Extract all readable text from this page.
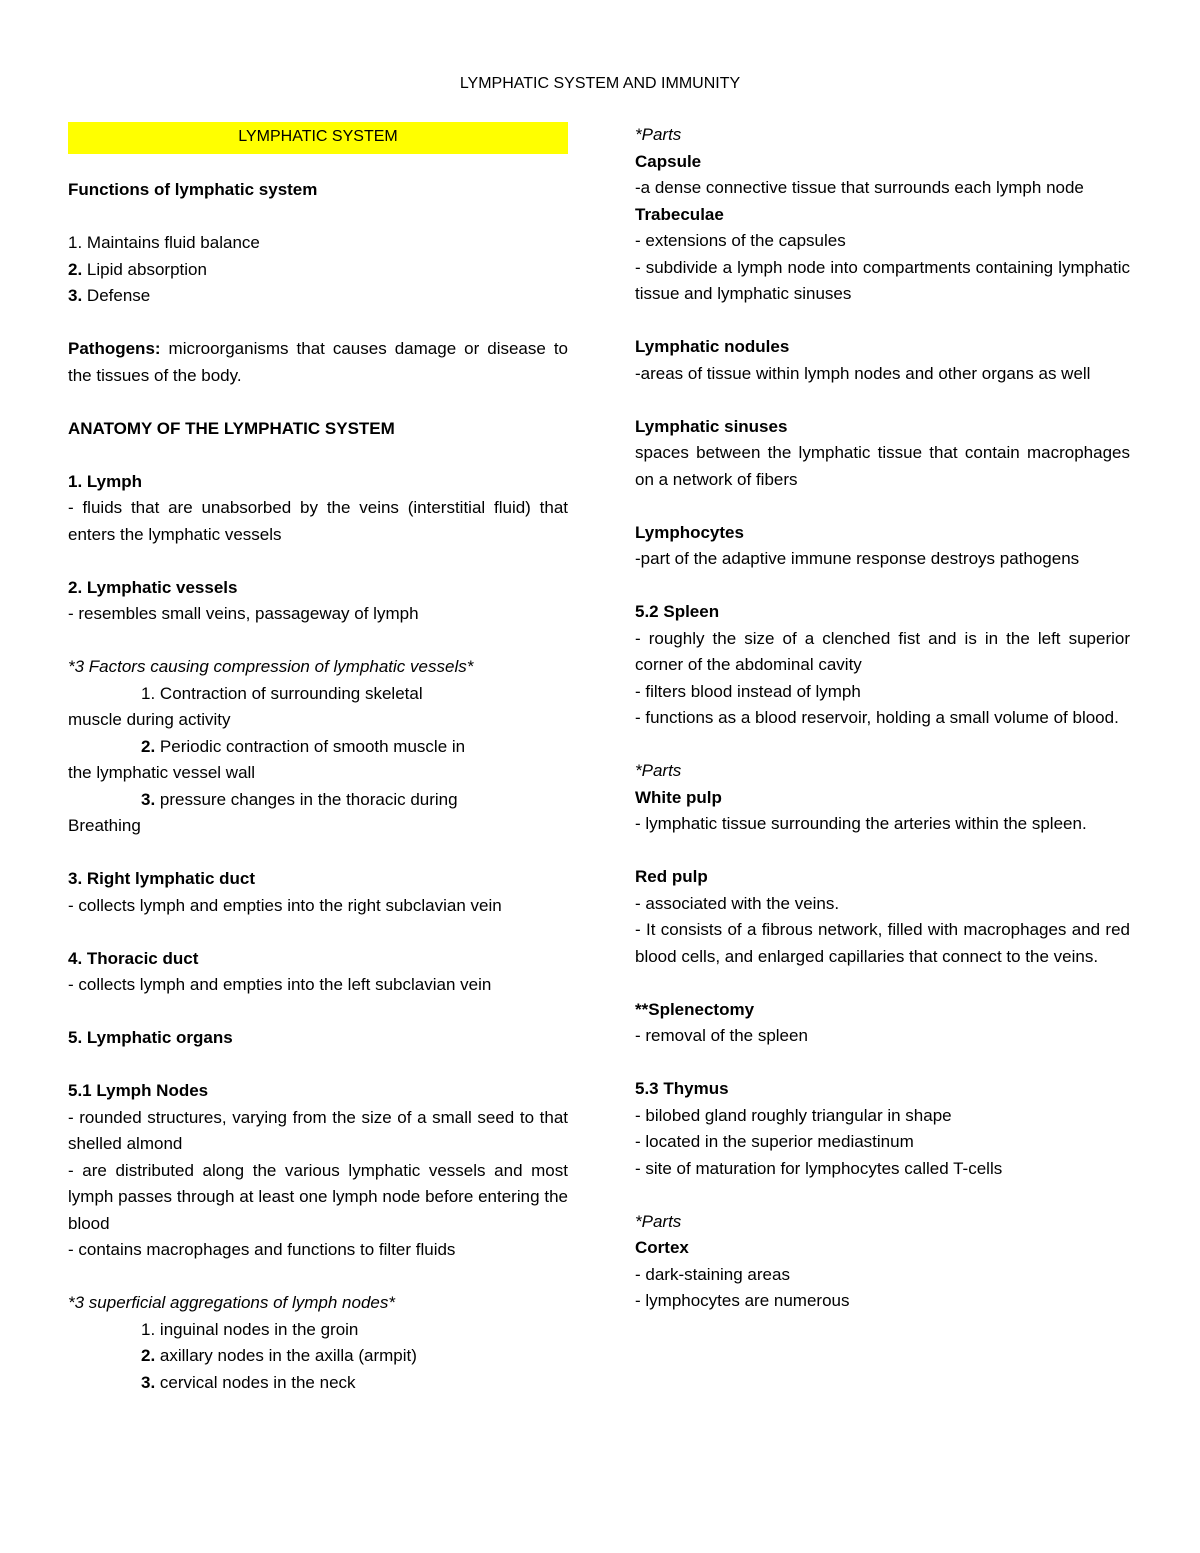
LYMPHATIC SYSTEM AND IMMUNITY
LYMPHATIC SYSTEM
Functions of lymphatic system
1. Maintains fluid balance
2. Lipid absorption
3. Defense
Pathogens: microorganisms that causes damage or disease to the tissues of the body.
ANATOMY OF THE LYMPHATIC SYSTEM
1. Lymph
- fluids that are unabsorbed by the veins (interstitial fluid) that enters the lymphatic vessels
2. Lymphatic vessels
- resembles small veins, passageway of lymph
*3 Factors causing compression of lymphatic vessels*
1. Contraction of surrounding skeletal
muscle during activity
2. Periodic contraction of smooth muscle in
the lymphatic vessel wall
3. pressure changes in the thoracic during
Breathing
3. Right lymphatic duct
- collects lymph and empties into the right subclavian vein
4. Thoracic duct
- collects lymph and empties into the left subclavian vein
5. Lymphatic organs
5.1 Lymph Nodes
- rounded structures, varying from the size of a small seed to that shelled almond
- are distributed along the various lymphatic vessels and most lymph passes through at least one lymph node before entering the blood
- contains macrophages and functions to filter fluids
*3 superficial aggregations of lymph nodes*
1. inguinal nodes in the groin
2. axillary nodes in the axilla (armpit)
3. cervical nodes in the neck
*Parts
Capsule
-a dense connective tissue that surrounds each lymph node
Trabeculae
- extensions of the capsules
- subdivide a lymph node into compartments containing lymphatic tissue and lymphatic sinuses
Lymphatic nodules
-areas of tissue within lymph nodes and other organs as well
Lymphatic sinuses
spaces between the lymphatic tissue that contain macrophages on a network of fibers
Lymphocytes
-part of the adaptive immune response destroys pathogens
5.2 Spleen
- roughly the size of a clenched fist and is in the left superior corner of the abdominal cavity
- filters blood instead of lymph
- functions as a blood reservoir, holding a small volume of blood.
*Parts
White pulp
- lymphatic tissue surrounding the arteries within the spleen.
Red pulp
- associated with the veins.
- It consists of a fibrous network, filled with macrophages and red blood cells, and enlarged capillaries that connect to the veins.
**Splenectomy
- removal of the spleen
5.3 Thymus
- bilobed gland roughly triangular in shape
- located in the superior mediastinum
- site of maturation for lymphocytes called T-cells
*Parts
Cortex
- dark-staining areas
- lymphocytes are numerous
